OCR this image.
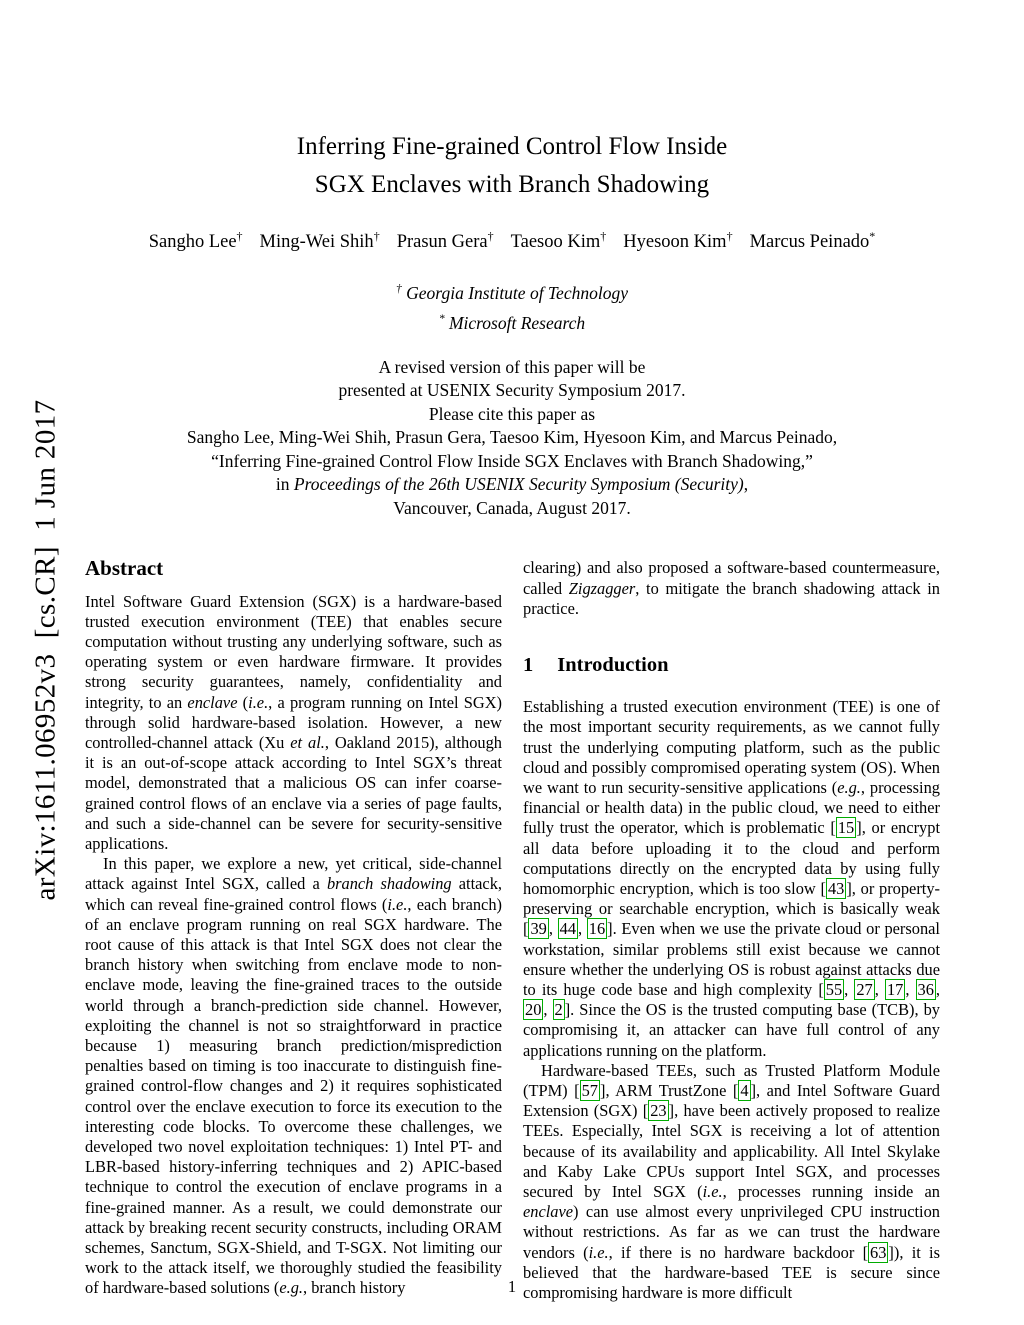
arXiv:1611.06952v3  [cs.CR]  1 Jun 2017
Inferring Fine-grained Control Flow Inside
SGX Enclaves with Branch Shadowing
Sangho Lee† Ming-Wei Shih† Prasun Gera† Taesoo Kim† Hyesoon Kim† Marcus Peinado*
† Georgia Institute of Technology
* Microsoft Research
A revised version of this paper will be
presented at USENIX Security Symposium 2017.
Please cite this paper as
Sangho Lee, Ming-Wei Shih, Prasun Gera, Taesoo Kim, Hyesoon Kim, and Marcus Peinado,
“Inferring Fine-grained Control Flow Inside SGX Enclaves with Branch Shadowing,”
in Proceedings of the 26th USENIX Security Symposium (Security),
Vancouver, Canada, August 2017.
Abstract

Intel Software Guard Extension (SGX) is a hardware-based trusted execution environment (TEE) that enables secure computation without trusting any underlying software, such as operating system or even hardware firmware. It provides strong security guarantees, namely, confidentiality and integrity, to an enclave (i.e., a program running on Intel SGX) through solid hardware-based isolation. However, a new controlled-channel attack (Xu et al., Oakland 2015), although it is an out-of-scope attack according to Intel SGX’s threat model, demonstrated that a malicious OS can infer coarse-grained control flows of an enclave via a series of page faults, and such a side-channel can be severe for security-sensitive applications.

In this paper, we explore a new, yet critical, side-channel attack against Intel SGX, called a branch shadowing attack, which can reveal fine-grained control flows (i.e., each branch) of an enclave program running on real SGX hardware. The root cause of this attack is that Intel SGX does not clear the branch history when switching from enclave mode to non-enclave mode, leaving the fine-grained traces to the outside world through a branch-prediction side channel. However, exploiting the channel is not so straightforward in practice because 1) measuring branch prediction/misprediction penalties based on timing is too inaccurate to distinguish fine-grained control-flow changes and 2) it requires sophisticated control over the enclave execution to force its execution to the interesting code blocks. To overcome these challenges, we developed two novel exploitation techniques: 1) Intel PT- and LBR-based history-inferring techniques and 2) APIC-based technique to control the execution of enclave programs in a fine-grained manner. As a result, we could demonstrate our attack by breaking recent security constructs, including ORAM schemes, Sanctum, SGX-Shield, and T-SGX. Not limiting our work to the attack itself, we thoroughly studied the feasibility of hardware-based solutions (e.g., branch history

clearing) and also proposed a software-based countermeasure, called Zigzagger, to mitigate the branch shadowing attack in practice.

1 Introduction

Establishing a trusted execution environment (TEE) is one of the most important security requirements, as we cannot fully trust the underlying computing platform, such as the public cloud and possibly compromised operating system (OS). When we want to run security-sensitive applications (e.g., processing financial or health data) in the public cloud, we need to either fully trust the operator, which is problematic [ 15 ], or encrypt all data before uploading it to the cloud and perform computations directly on the encrypted data by using fully homomorphic encryption, which is too slow [ 43 ], or property-preserving or searchable encryption, which is basically weak [ 39 , 44 , 16 ]. Even when we use the private cloud or personal workstation, similar problems still exist because we cannot ensure whether the underlying OS is robust against attacks due to its huge code base and high complexity [ 55 , 27 , 17 , 36 , 20 , 2 ]. Since the OS is the trusted computing base (TCB), by compromising it, an attacker can have full control of any applications running on the platform.

Hardware-based TEEs, such as Trusted Platform Module (TPM) [ 57 ], ARM TrustZone [ 4 ], and Intel Software Guard Extension (SGX) [ 23 ], have been actively proposed to realize TEEs. Especially, Intel SGX is receiving a lot of attention because of its availability and applicability. All Intel Skylake and Kaby Lake CPUs support Intel SGX, and processes secured by Intel SGX (i.e., processes running inside an enclave) can use almost every unprivileged CPU instruction without restrictions. As far as we can trust the hardware vendors (i.e., if there is no hardware backdoor [ 63 ]), it is believed that the hardware-based TEE is secure since compromising hardware is more difficult

1
